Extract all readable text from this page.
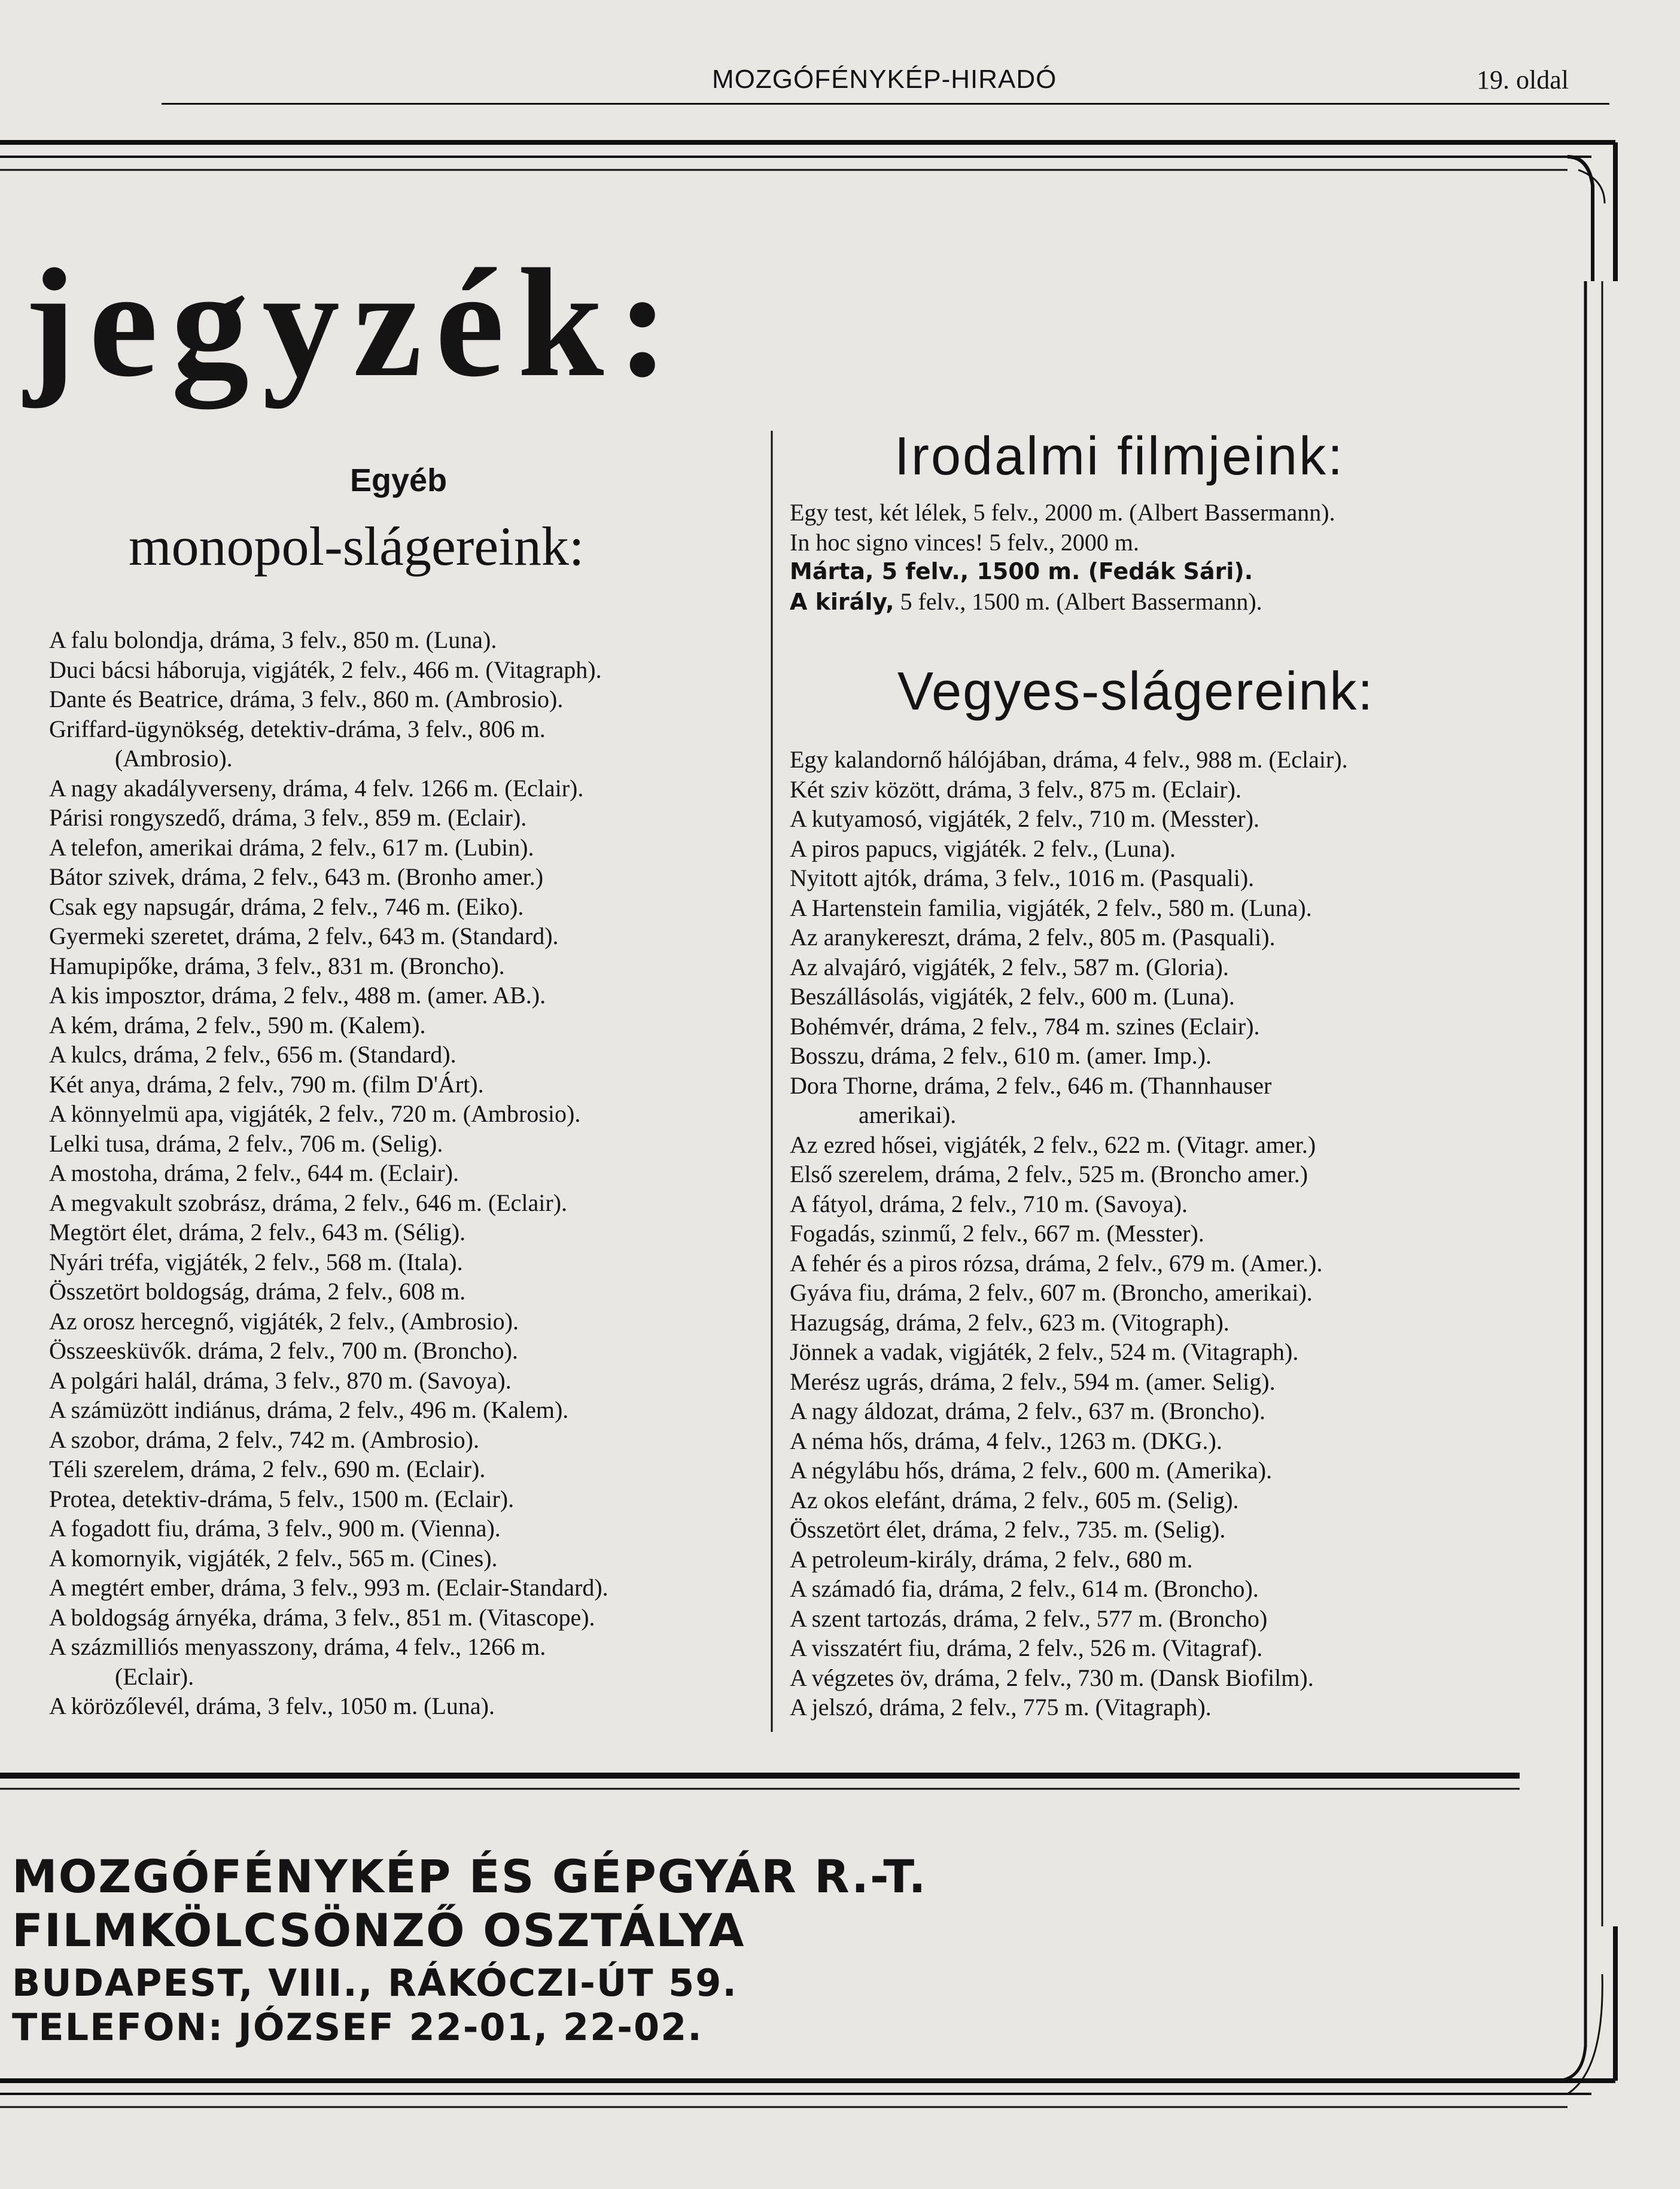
MOZGÓFÉNYKÉP-HIRADÓ	19. oldal
jegyzék:
Egyéb
monopol-slágereink:
A falu bolondja, dráma, 3 felv., 850 m. (Luna).
Duci bácsi háboruja, vigjáték, 2 felv., 466 m. (Vitagraph).
Dante és Beatrice, dráma, 3 felv., 860 m. (Ambrosio).
Griffard-ügynökség, detektiv-dráma, 3 felv., 806 m.
(Ambrosio).
A nagy akadályverseny, dráma, 4 felv. 1266 m. (Eclair).
Párisi rongyszedő, dráma, 3 felv., 859 m. (Eclair).
A telefon, amerikai dráma, 2 felv., 617 m. (Lubin).
Bátor szivek, dráma, 2 felv., 643 m. (Bronho amer.)
Csak egy napsugár, dráma, 2 felv., 746 m. (Eiko).
Gyermeki szeretet, dráma, 2 felv., 643 m. (Standard).
Hamupipőke, dráma, 3 felv., 831 m. (Broncho).
A kis imposztor, dráma, 2 felv., 488 m. (amer. AB.).
A kém, dráma, 2 felv., 590 m. (Kalem).
A kulcs, dráma, 2 felv., 656 m. (Standard).
Két anya, dráma, 2 felv., 790 m. (film D'Árt).
A könnyelmü apa, vigjáték, 2 felv., 720 m. (Ambrosio).
Lelki tusa, dráma, 2 felv., 706 m. (Selig).
A mostoha, dráma, 2 felv., 644 m. (Eclair).
A megvakult szobrász, dráma, 2 felv., 646 m. (Eclair).
Megtört élet, dráma, 2 felv., 643 m. (Sélig).
Nyári tréfa, vigjáték, 2 felv., 568 m. (Itala).
Összetört boldogság, dráma, 2 felv., 608 m.
Az orosz hercegnő, vigjáték, 2 felv., (Ambrosio).
Összeesküvők. dráma, 2 felv., 700 m. (Broncho).
A polgári halál, dráma, 3 felv., 870 m. (Savoya).
A számüzött indiánus, dráma, 2 felv., 496 m. (Kalem).
A szobor, dráma, 2 felv., 742 m. (Ambrosio).
Téli szerelem, dráma, 2 felv., 690 m. (Eclair).
Protea, detektiv-dráma, 5 felv., 1500 m. (Eclair).
A fogadott fiu, dráma, 3 felv., 900 m. (Vienna).
A komornyik, vigjáték, 2 felv., 565 m. (Cines).
A megtért ember, dráma, 3 felv., 993 m. (Eclair-Standard).
A boldogság árnyéka, dráma, 3 felv., 851 m. (Vitascope).
A százmilliós menyasszony, dráma, 4 felv., 1266 m.
(Eclair).
A körözőlevél, dráma, 3 felv., 1050 m. (Luna).
Irodalmi filmjeink:
Egy test, két lélek, 5 felv., 2000 m. (Albert Bassermann).
In hoc signo vinces! 5 felv., 2000 m.
Márta, 5 felv., 1500 m. (Fedák Sári).
A király, 5 felv., 1500 m. (Albert Bassermann).
Vegyes-slágereink:
Egy kalandornő hálójában, dráma, 4 felv., 988 m. (Eclair).
Két sziv között, dráma, 3 felv., 875 m. (Eclair).
A kutyamosó, vigjáték, 2 felv., 710 m. (Messter).
A piros papucs, vigjáték. 2 felv., (Luna).
Nyitott ajtók, dráma, 3 felv., 1016 m. (Pasquali).
A Hartenstein familia, vigjáték, 2 felv., 580 m. (Luna).
Az aranykereszt, dráma, 2 felv., 805 m. (Pasquali).
Az alvajáró, vigjáték, 2 felv., 587 m. (Gloria).
Beszállásolás, vigjáték, 2 felv., 600 m. (Luna).
Bohémvér, dráma, 2 felv., 784 m. szines (Eclair).
Bosszu, dráma, 2 felv., 610 m. (amer. Imp.).
Dora Thorne, dráma, 2 felv., 646 m. (Thannhauser
amerikai).
Az ezred hősei, vigjáték, 2 felv., 622 m. (Vitagr. amer.)
Első szerelem, dráma, 2 felv., 525 m. (Broncho amer.)
A fátyol, dráma, 2 felv., 710 m. (Savoya).
Fogadás, szinmű, 2 felv., 667 m. (Messter).
A fehér és a piros rózsa, dráma, 2 felv., 679 m. (Amer.).
Gyáva fiu, dráma, 2 felv., 607 m. (Broncho, amerikai).
Hazugság, dráma, 2 felv., 623 m. (Vitograph).
Jönnek a vadak, vigjáték, 2 felv., 524 m. (Vitagraph).
Merész ugrás, dráma, 2 felv., 594 m. (amer. Selig).
A nagy áldozat, dráma, 2 felv., 637 m. (Broncho).
A néma hős, dráma, 4 felv., 1263 m. (DKG.).
A négylábu hős, dráma, 2 felv., 600 m. (Amerika).
Az okos elefánt, dráma, 2 felv., 605 m. (Selig).
Összetört élet, dráma, 2 felv., 735. m. (Selig).
A petroleum-király, dráma, 2 felv., 680 m.
A számadó fia, dráma, 2 felv., 614 m. (Broncho).
A szent tartozás, dráma, 2 felv., 577 m. (Broncho)
A visszatért fiu, dráma, 2 felv., 526 m. (Vitagraf).
A végzetes öv, dráma, 2 felv., 730 m. (Dansk Biofilm).
A jelszó, dráma, 2 felv., 775 m. (Vitagraph).
MOZGÓFÉNYKÉP ÉS GÉPGYÁR R.-T.
FILMKÖLCSÖNZŐ OSZTÁLYA
BUDAPEST, VIII., RÁKÓCZI-ÚT 59.
TELEFON: JÓZSEF 22-01, 22-02.
